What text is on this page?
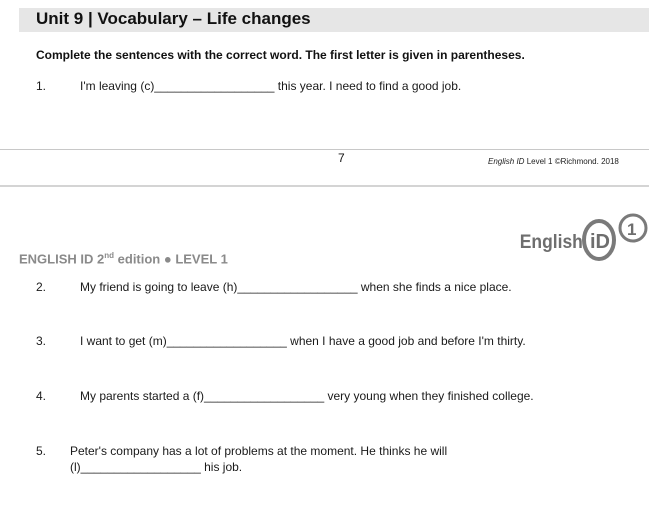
Unit 9 | Vocabulary – Life changes
Complete the sentences with the correct word. The first letter is given in parentheses.
1.	I'm leaving (c)__________________ this year. I need to find a good job.
7	English ID Level 1 ©Richmond. 2018
English iD
1
ENGLISH ID 2nd edition ● LEVEL 1
2.	My friend is going to leave (h)__________________ when she finds a nice place.
3.	I want to get (m)__________________ when I have a good job and before I'm thirty.
4.	My parents started a (f)__________________ very young when they finished college.
5. Peter's company has a lot of problems at the moment. He thinks he will
(l)__________________ his job.
